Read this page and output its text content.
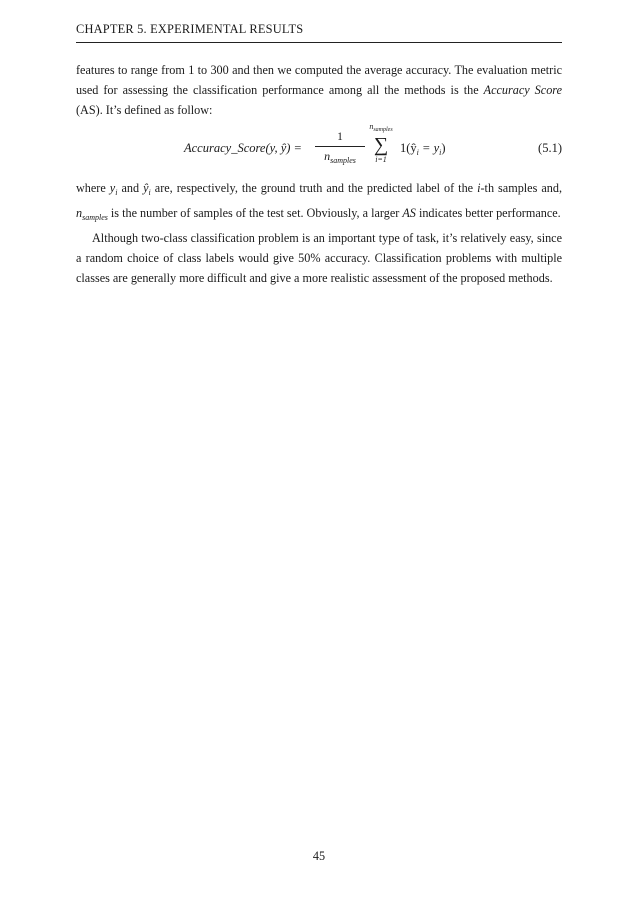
CHAPTER 5. EXPERIMENTAL RESULTS

features to range from 1 to 300 and then we computed the average accuracy. The evaluation metric used for assessing the classification performance among all the methods is the Accuracy Score (AS). It’s defined as follow:

Accuracy_Score(y, ŷ) =
1
$n_{samples}$
$n_{samples}$
∑
i=1
$1(ŷ_i = y_i)$	(5.1)

where $y_i$ and $ŷ_i$ are, respectively, the ground truth and the predicted label of the i-th samples and, $n_{samples}$ is the number of samples of the test set. Obviously, a larger AS indicates better performance.

Although two-class classification problem is an important type of task, it’s relatively easy, since a random choice of class labels would give 50% accuracy. Classification problems with multiple classes are generally more difficult and give a more realistic assessment of the proposed methods.

45
